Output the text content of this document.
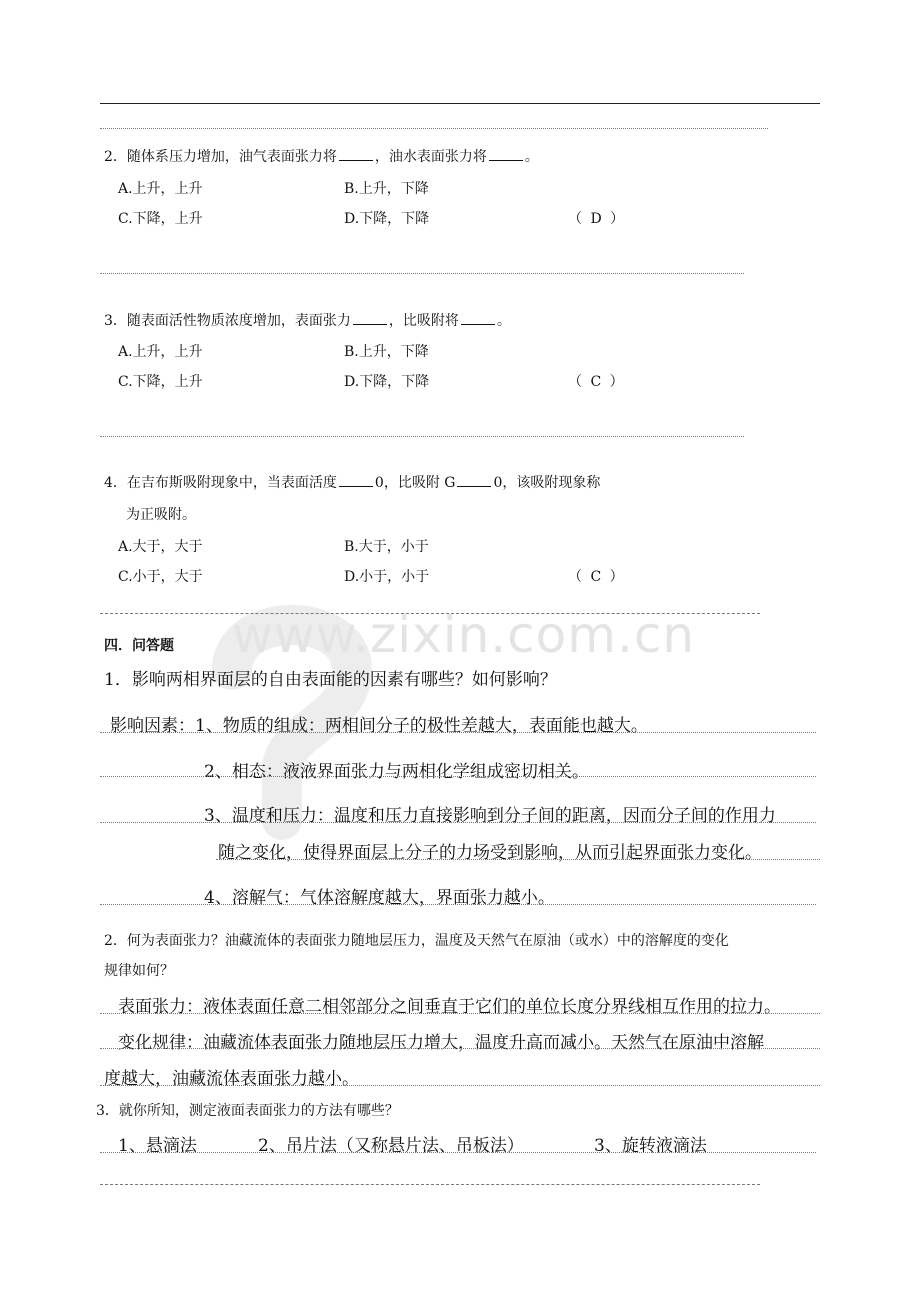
www.zixin.com.cn
2．随体系压力增加，油气表面张力将	，油水表面张力将	。
A.上升，上升	B.上升，下降
C.下降，上升	D.下降，下降	（ D ）
3．随表面活性物质浓度增加，表面张力	，比吸附将	。
A.上升，上升	B.上升，下降
C.下降，上升	D.下降，下降	（ C ）
4．在吉布斯吸附现象中，当表面活度	0，比吸附 G	0，该吸附现象称
为正吸附。
A.大于，大于	B.大于，小于
C.小于，大于	D.小于，小于	（ C ）
四．问答题
1．影响两相界面层的自由表面能的因素有哪些？如何影响？
影响因素：1、物质的组成：两相间分子的极性差越大，表面能也越大。
2、相态：液液界面张力与两相化学组成密切相关。
3、温度和压力：温度和压力直接影响到分子间的距离，因而分子间的作用力
随之变化，使得界面层上分子的力场受到影响，从而引起界面张力变化。
4、溶解气：气体溶解度越大，界面张力越小。
2．何为表面张力？油藏流体的表面张力随地层压力，温度及天然气在原油（或水）中的溶解度的变化
规律如何？
表面张力：液体表面任意二相邻部分之间垂直于它们的单位长度分界线相互作用的拉力。
变化规律：油藏流体表面张力随地层压力增大，温度升高而减小。天然气在原油中溶解
度越大，油藏流体表面张力越小。
3．就你所知，测定液面表面张力的方法有哪些？
1、悬滴法	2、吊片法（又称悬片法、吊板法）	3、旋转液滴法
